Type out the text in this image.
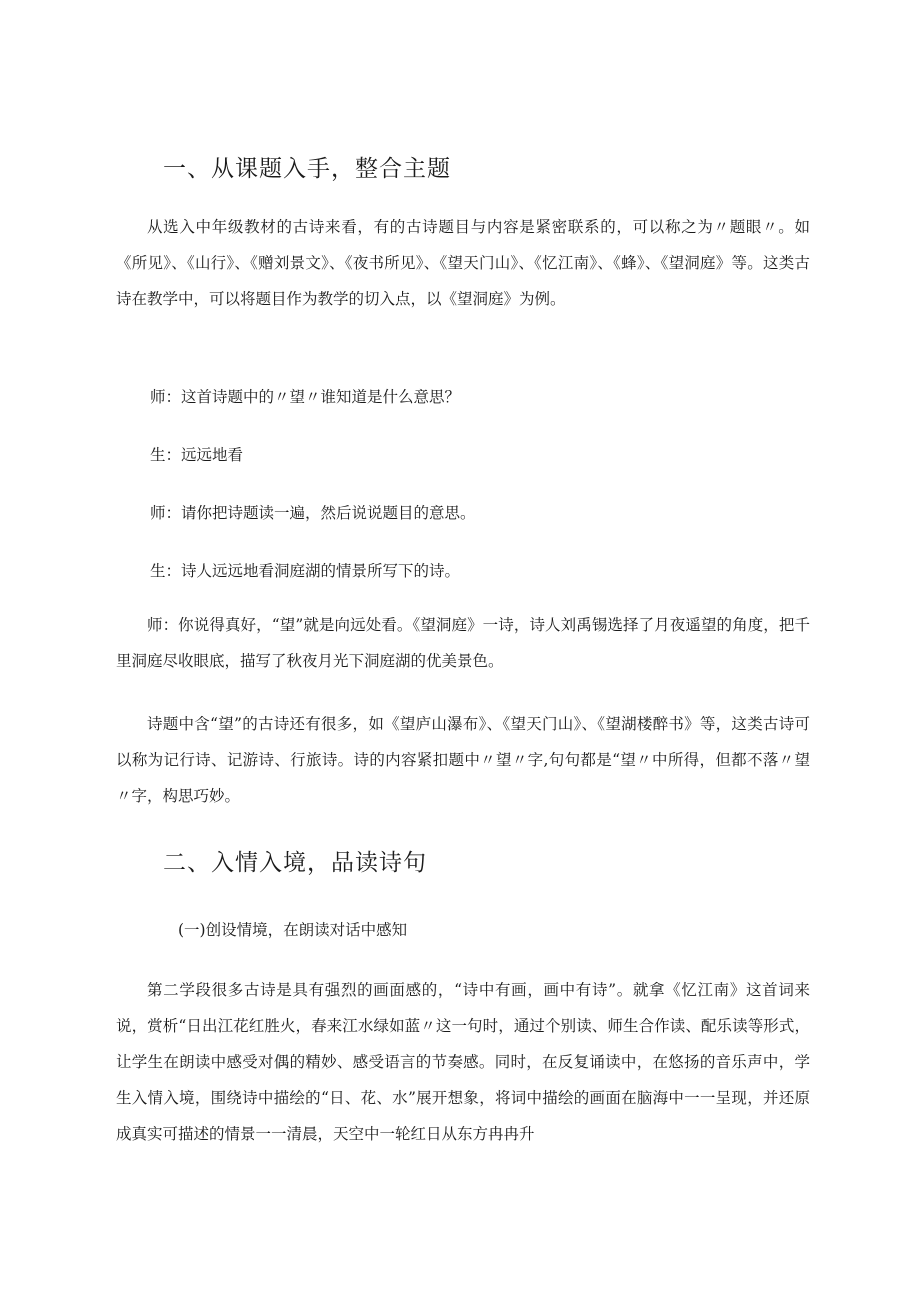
一、从课题入手，整合主题

从选入中年级教材的古诗来看，有的古诗题目与内容是紧密联系的，可以称之为〃题眼〃。如《所见》、《山行》、《赠刘景文》、《夜书所见》、《望天门山》、《忆江南》、《蜂》、《望洞庭》等。这类古诗在教学中，可以将题目作为教学的切入点，以《望洞庭》为例。

师：这首诗题中的〃望〃谁知道是什么意思？

生：远远地看

师：请你把诗题读一遍，然后说说题目的意思。

生：诗人远远地看洞庭湖的情景所写下的诗。

师：你说得真好，“望”就是向远处看。《望洞庭》一诗，诗人刘禹锡选择了月夜遥望的角度，把千里洞庭尽收眼底，描写了秋夜月光下洞庭湖的优美景色。

诗题中含“望”的古诗还有很多，如《望庐山瀑布》、《望天门山》、《望湖楼醉书》等，这类古诗可以称为记行诗、记游诗、行旅诗。诗的内容紧扣题中〃望〃字,句句都是“望〃中所得，但都不落〃望〃字，构思巧妙。

二、入情入境，品读诗句

(一)创设情境，在朗读对话中感知

第二学段很多古诗是具有强烈的画面感的，“诗中有画，画中有诗”。就拿《忆江南》这首词来说，赏析“日出江花红胜火，春来江水绿如蓝〃这一句时，通过个别读、师生合作读、配乐读等形式，让学生在朗读中感受对偶的精妙、感受语言的节奏感。同时，在反复诵读中，在悠扬的音乐声中，学生入情入境，围绕诗中描绘的“日、花、水”展开想象，将词中描绘的画面在脑海中一一呈现，并还原成真实可描述的情景一一清晨，天空中一轮红日从东方冉冉升
